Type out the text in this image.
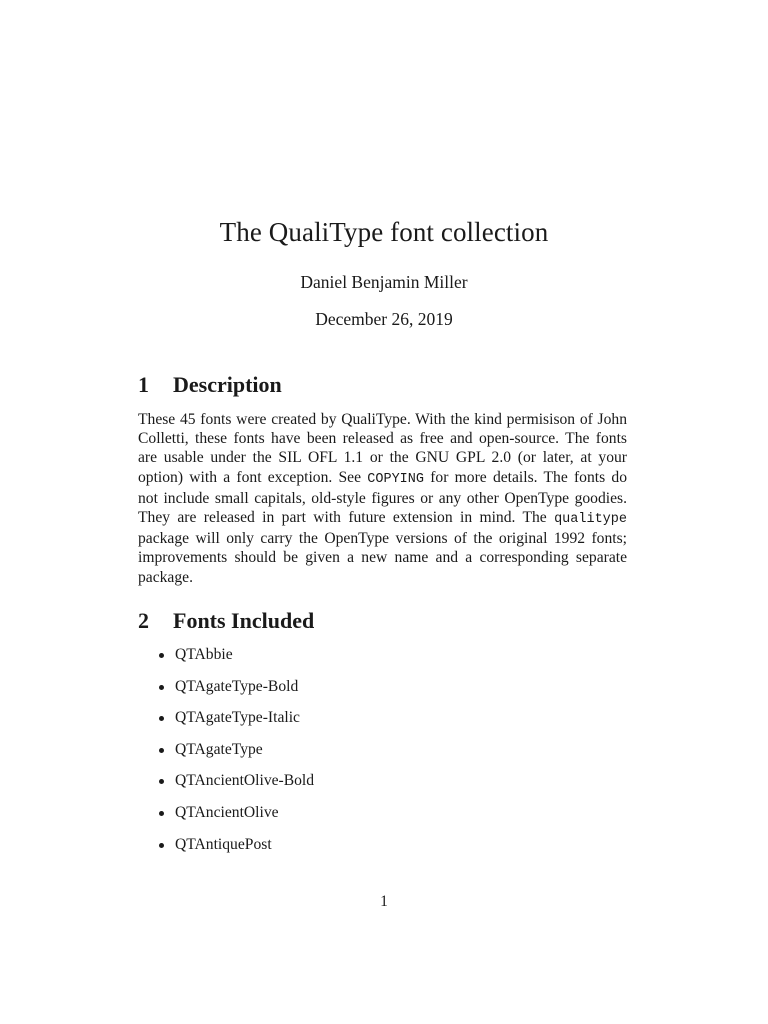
The QualiType font collection
Daniel Benjamin Miller
December 26, 2019
1 Description
These 45 fonts were created by QualiType. With the kind permisison of John
Colletti, these fonts have been released as free and open-source. The fonts
are usable under the SIL OFL 1.1 or the GNU GPL 2.0 (or later, at your
option) with a font exception. See COPYING for more details. The fonts do
not include small capitals, old-style figures or any other OpenType goodies.
They are released in part with future extension in mind. The qualitype
package will only carry the OpenType versions of the original 1992 fonts;
improvements should be given a new name and a corresponding separate
package.
2 Fonts Included
QTAbbie
QTAgateType-Bold
QTAgateType-Italic
QTAgateType
QTAncientOlive-Bold
QTAncientOlive
QTAntiquePost
1
